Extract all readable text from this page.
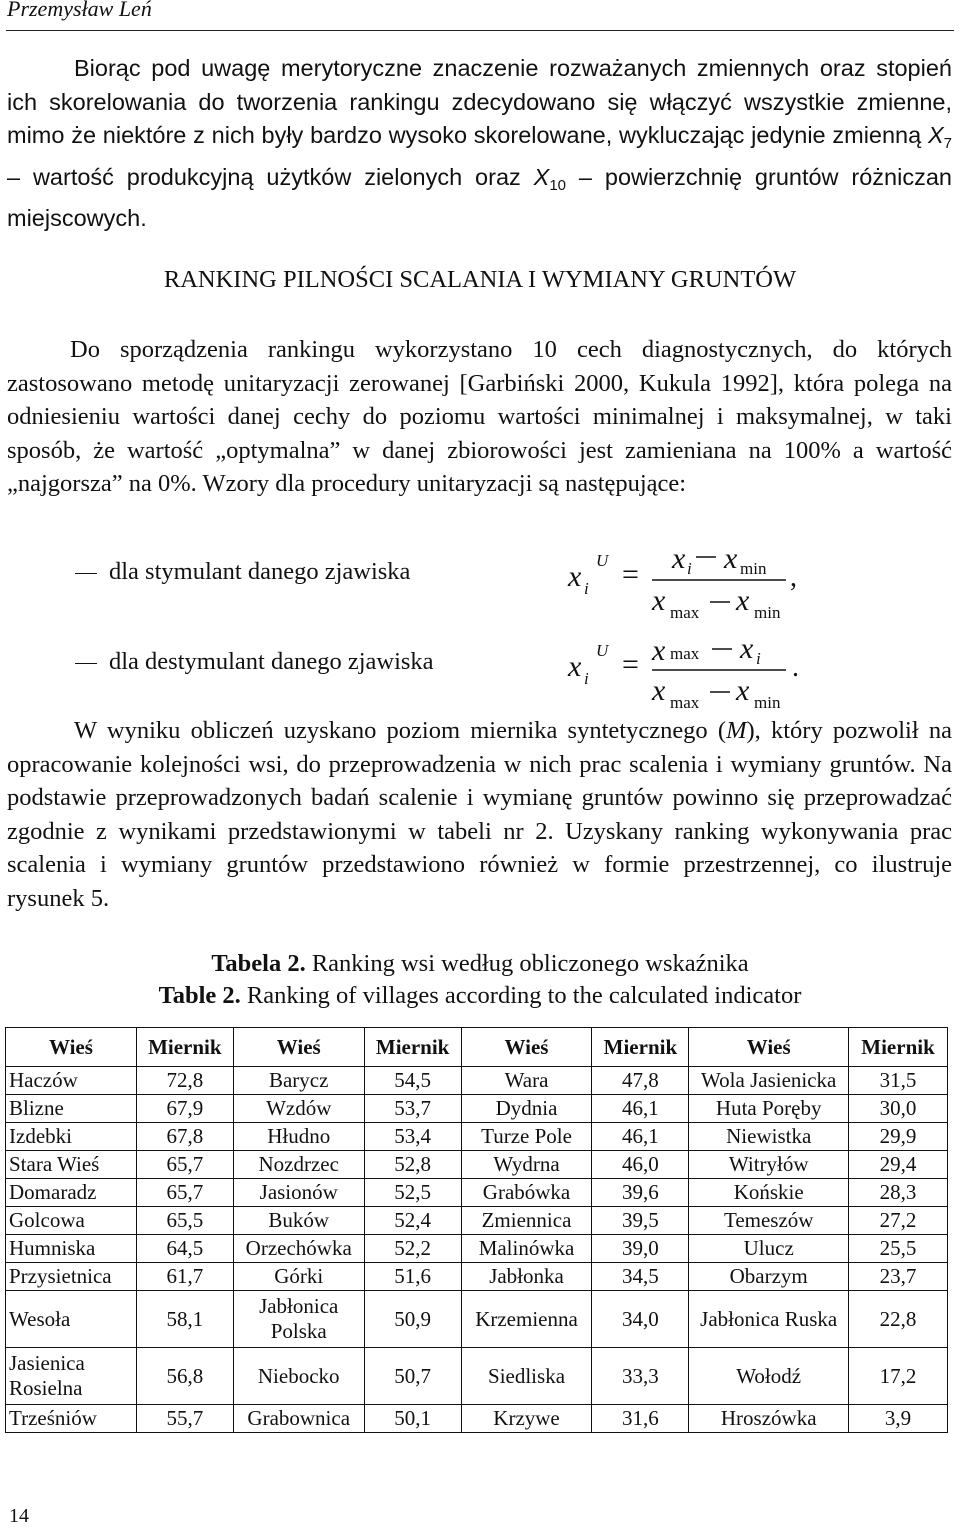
Przemysław Leń
Biorąc pod uwagę merytoryczne znaczenie rozważanych zmiennych oraz stopień ich skorelowania do tworzenia rankingu zdecydowano się włączyć wszystkie zmienne, mimo że niektóre z nich były bardzo wysoko skorelowane, wykluczając jedynie zmienną $X_7$ – wartość produkcyjną użytków zielonych oraz $X_{10}$ – powierzchnię gruntów różniczan miejscowych.
RANKING PILNOŚCI SCALANIA I WYMIANY GRUNTÓW
Do sporządzenia rankingu wykorzystano 10 cech diagnostycznych, do których zastosowano metodę unitaryzacji zerowanej [Garbiński 2000, Kukula 1992], która polega na odniesieniu wartości danej cechy do poziomu wartości minimalnej i maksymalnej, w taki sposób, że wartość „optymalna” w danej zbiorowości jest zamieniana na 100% a wartość „najgorsza” na 0%. Wzory dla procedury unitaryzacji są następujące:
dla stymulant danego zjawiska	x i
U = x i x min
x max x min
,
dla destymulant danego zjawiska	x i
U = x max x i
x max x min
.
W wyniku obliczeń uzyskano poziom miernika syntetycznego (M), który pozwolił na opracowanie kolejności wsi, do przeprowadzenia w nich prac scalenia i wymiany gruntów. Na podstawie przeprowadzonych badań scalenie i wymianę gruntów powinno się przeprowadzać zgodnie z wynikami przedstawionymi w tabeli nr 2. Uzyskany ranking wykonywania prac scalenia i wymiany gruntów przedstawiono również w formie przestrzennej, co ilustruje rysunek 5.
Tabela 2. Ranking wsi według obliczonego wskaźnika
Table 2. Ranking of villages according to the calculated indicator
Wieś	Miernik	Wieś	Miernik	Wieś	Miernik	Wieś	Miernik
Haczów	72,8	Barycz	54,5	Wara	47,8	Wola Jasienicka	31,5
Blizne	67,9	Wzdów	53,7	Dydnia	46,1	Huta Poręby	30,0
Izdebki	67,8	Hłudno	53,4	Turze Pole	46,1	Niewistka	29,9
Stara Wieś	65,7	Nozdrzec	52,8	Wydrna	46,0	Witryłów	29,4
Domaradz	65,7	Jasionów	52,5	Grabówka	39,6	Końskie	28,3
Golcowa	65,5	Buków	52,4	Zmiennica	39,5	Temeszów	27,2
Humniska	64,5	Orzechówka	52,2	Malinówka	39,0	Ulucz	25,5
Przysietnica	61,7	Górki	51,6	Jabłonka	34,5	Obarzym	23,7
Wesoła	58,1	Jabłonica Polska	50,9	Krzemienna	34,0	Jabłonica Ruska	22,8
Jasienica Rosielna	56,8	Niebocko	50,7	Siedliska	33,3	Wołodź	17,2
Trześniów	55,7	Grabownica	50,1	Krzywe	31,6	Hroszówka	3,9
14
